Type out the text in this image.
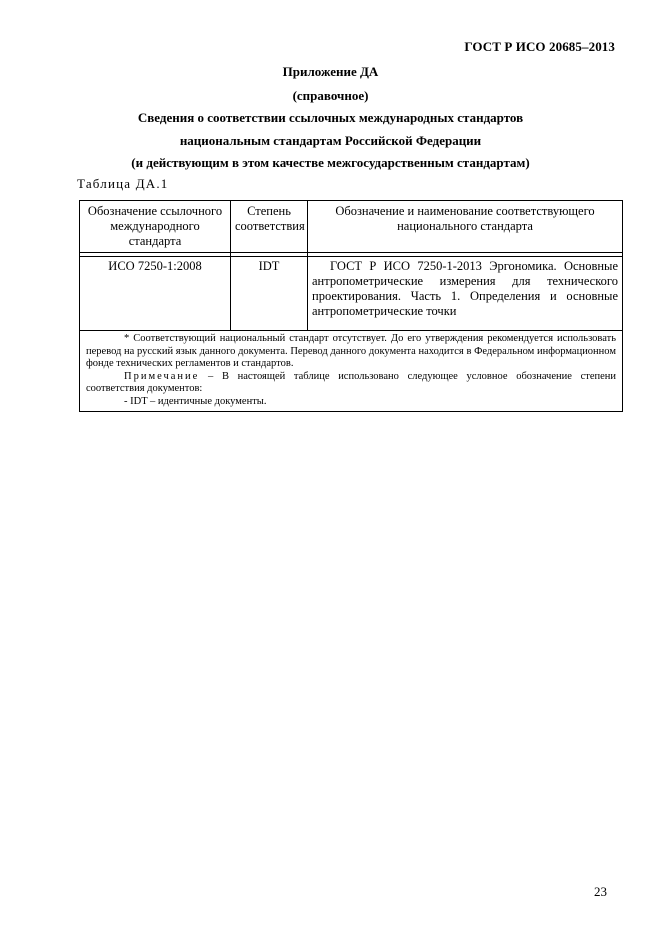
ГОСТ Р ИСО 20685–2013
Приложение ДА
(справочное)
Сведения о соответствии ссылочных международных стандартов
национальным стандартам Российской Федерации
(и действующим в этом качестве межгосударственным стандартам)
Таблица ДА.1
Обозначение ссылочного международного стандарта	Степень соответствия	Обозначение и наименование соответствующего национального стандарта

ИСО 7250-1:2008	IDT	ГОСТ Р ИСО 7250-1-2013 Эргономика. Основные антропометрические измерения для технического проектирования. Часть 1. Определения и основные антропометрические точки

* Соответствующий национальный стандарт отсутствует. До его утверждения рекомендуется использовать перевод на русский язык данного документа. Перевод данного документа находится в Федеральном информационном фонде технических регламентов и стандартов.

Примечание – В настоящей таблице использовано следующее условное обозначение степени соответствия документов:

- IDT – идентичные документы.		

23
